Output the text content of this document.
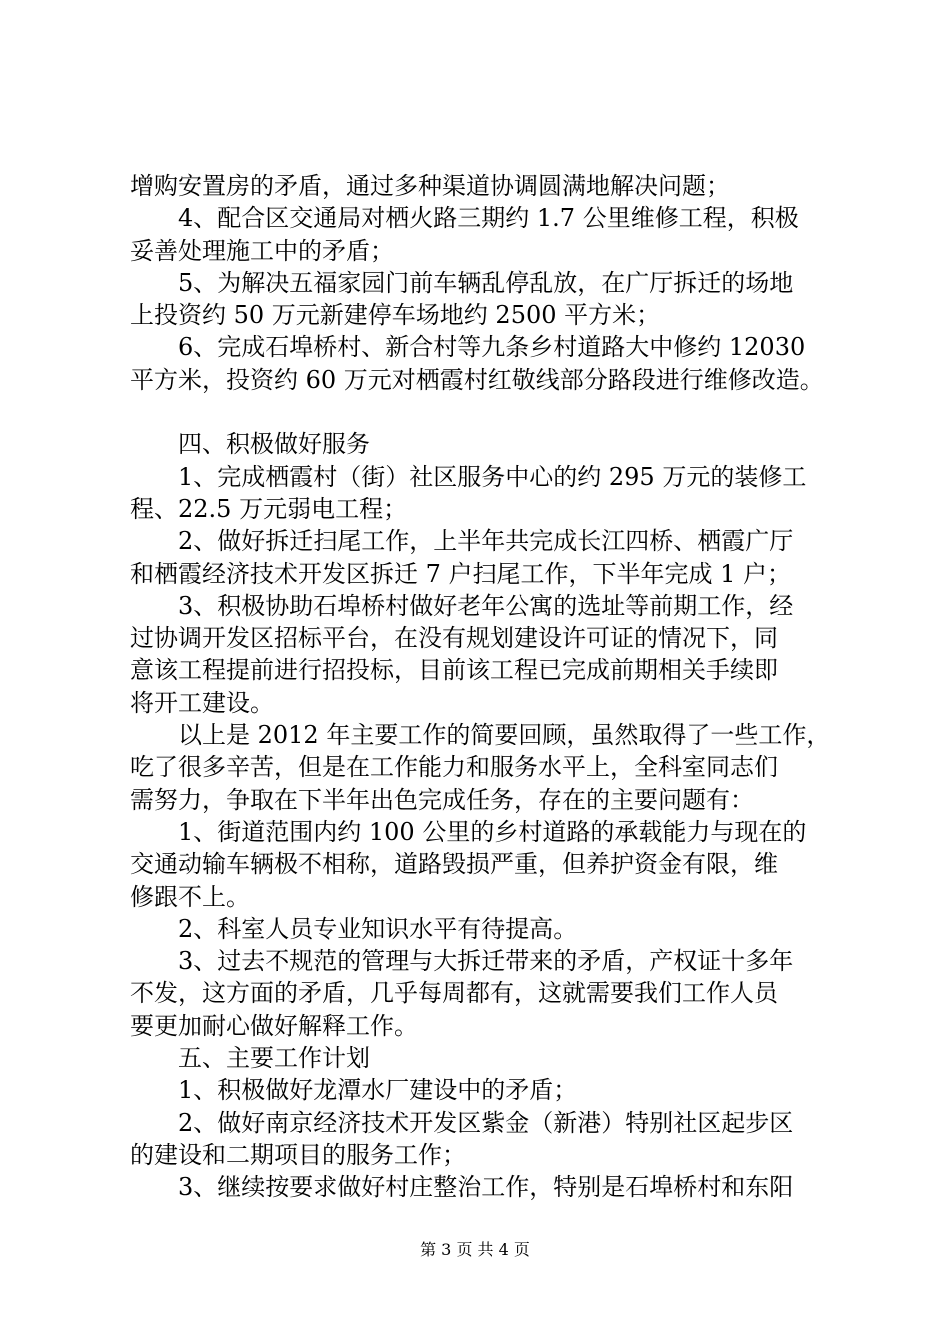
增购安置房的矛盾，通过多种渠道协调圆满地解决问题；
4、配合区交通局对栖火路三期约 1.7 公里维修工程，积极
妥善处理施工中的矛盾；
5、为解决五福家园门前车辆乱停乱放，在广厅拆迁的场地
上投资约 50 万元新建停车场地约 2500 平方米；
6、完成石埠桥村、新合村等九条乡村道路大中修约 12030
平方米，投资约 60 万元对栖霞村红敬线部分路段进行维修改造。
四、积极做好服务
1、完成栖霞村（街）社区服务中心的约 295 万元的装修工
程、22.5 万元弱电工程；
2、做好拆迁扫尾工作，上半年共完成长江四桥、栖霞广厅
和栖霞经济技术开发区拆迁 7 户扫尾工作，下半年完成 1 户；
3、积极协助石埠桥村做好老年公寓的选址等前期工作，经
过协调开发区招标平台，在没有规划建设许可证的情况下，同
意该工程提前进行招投标，目前该工程已完成前期相关手续即
将开工建设。
以上是 2012 年主要工作的简要回顾，虽然取得了一些工作，
吃了很多辛苦，但是在工作能力和服务水平上，全科室同志们
需努力，争取在下半年出色完成任务，存在的主要问题有：
1、街道范围内约 100 公里的乡村道路的承载能力与现在的
交通动输车辆极不相称，道路毁损严重，但养护资金有限，维
修跟不上。
2、科室人员专业知识水平有待提高。
3、过去不规范的管理与大拆迁带来的矛盾，产权证十多年
不发，这方面的矛盾，几乎每周都有，这就需要我们工作人员
要更加耐心做好解释工作。
五、主要工作计划
1、积极做好龙潭水厂建设中的矛盾；
2、做好南京经济技术开发区紫金（新港）特别社区起步区
的建设和二期项目的服务工作；
3、继续按要求做好村庄整治工作，特别是石埠桥村和东阳
第 3 页 共 4 页
